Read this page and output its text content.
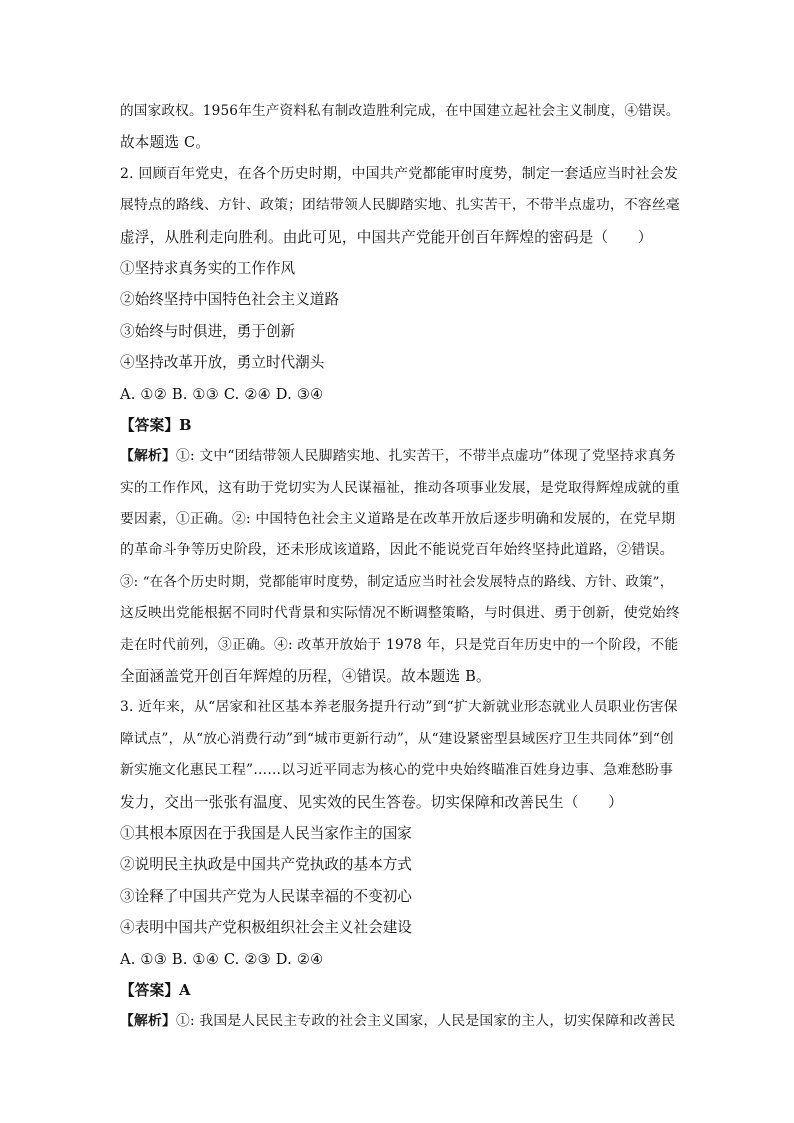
的国家政权。1956年生产资料私有制改造胜利完成，在中国建立起社会主义制度，④错误。
故本题选 C。
2. 回顾百年党史，在各个历史时期，中国共产党都能审时度势，制定一套适应当时社会发
展特点的路线、方针、政策；团结带领人民脚踏实地、扎实苦干，不带半点虚功，不容丝毫
虚浮，从胜利走向胜利。由此可见，中国共产党能开创百年辉煌的密码是（　　）
①坚持求真务实的工作作风
②始终坚持中国特色社会主义道路
③始终与时俱进，勇于创新
④坚持改革开放，勇立时代潮头
A. ①② B. ①③ C. ②④ D. ③④
【答案】B
【解析】①: 文中“团结带领人民脚踏实地、扎实苦干，不带半点虚功”体现了党坚持求真务
实的工作作风，这有助于党切实为人民谋福祉，推动各项事业发展，是党取得辉煌成就的重
要因素，①正确。②: 中国特色社会主义道路是在改革开放后逐步明确和发展的，在党早期
的革命斗争等历史阶段，还未形成该道路，因此不能说党百年始终坚持此道路，②错误。
③: “在各个历史时期，党都能审时度势，制定适应当时社会发展特点的路线、方针、政策”，
这反映出党能根据不同时代背景和实际情况不断调整策略，与时俱进、勇于创新，使党始终
走在时代前列，③正确。④: 改革开放始于 1978 年，只是党百年历史中的一个阶段，不能
全面涵盖党开创百年辉煌的历程，④错误。故本题选 B。
3. 近年来，从“居家和社区基本养老服务提升行动”到“扩大新就业形态就业人员职业伤害保
障试点”，从“放心消费行动”到“城市更新行动”，从“建设紧密型县域医疗卫生共同体”到“创
新实施文化惠民工程”……以习近平同志为核心的党中央始终瞄准百姓身边事、急难愁盼事
发力，交出一张张有温度、见实效的民生答卷。切实保障和改善民生（　　）
①其根本原因在于我国是人民当家作主的国家
②说明民主执政是中国共产党执政的基本方式
③诠释了中国共产党为人民谋幸福的不变初心
④表明中国共产党积极组织社会主义社会建设
A. ①③ B. ①④ C. ②③ D. ②④
【答案】A
【解析】①: 我国是人民民主专政的社会主义国家，人民是国家的主人，切实保障和改善民
